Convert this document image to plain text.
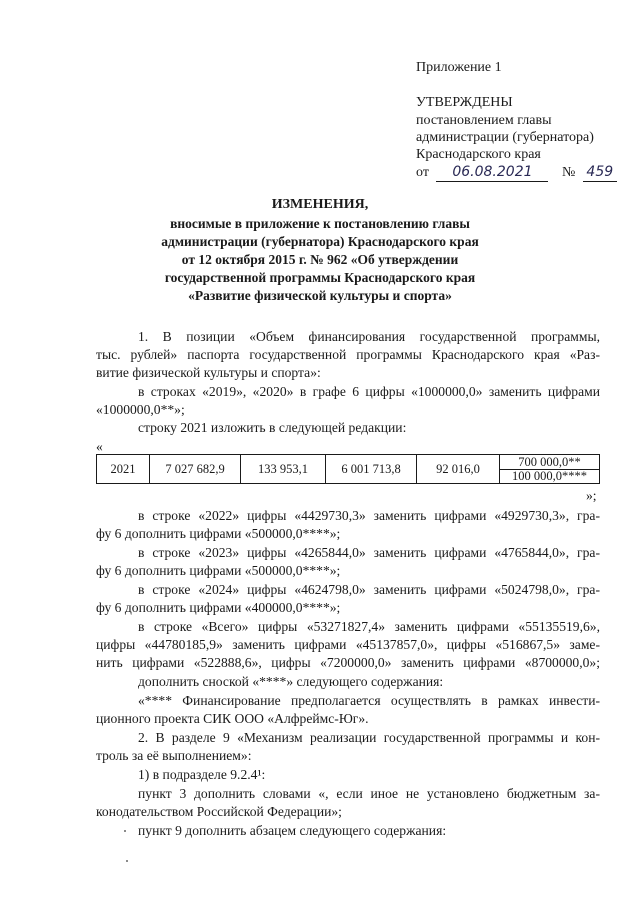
Приложение 1
УТВЕРЖДЕНЫ
постановлением главы
администрации (губернатора)
Краснодарского края
от 06.08.2021 № 459
ИЗМЕНЕНИЯ,
вносимые в приложение к постановлению главы
администрации (губернатора) Краснодарского края
от 12 октября 2015 г. № 962 «Об утверждении
государственной программы Краснодарского края
«Развитие физической культуры и спорта»
1. В позиции «Объем финансирования государственной программы,
тыс. рублей» паспорта государственной программы Краснодарского края «Раз-
витие физической культуры и спорта»:
в строках «2019», «2020» в графе 6 цифры «1000000,0» заменить цифрами
«1000000,0**»;
строку 2021 изложить в следующей редакции:
«
2021	7 027 682,9	133 953,1	6 001 713,8	92 016,0	700 000,0**
100 000,0****
»;
в строке «2022» цифры «4429730,3» заменить цифрами «4929730,3», гра-
фу 6 дополнить цифрами «500000,0****»;
в строке «2023» цифры «4265844,0» заменить цифрами «4765844,0», гра-
фу 6 дополнить цифрами «500000,0****»;
в строке «2024» цифры «4624798,0» заменить цифрами «5024798,0», гра-
фу 6 дополнить цифрами «400000,0****»;
в строке «Всего» цифры «53271827,4» заменить цифрами «55135519,6»,
цифры «44780185,9» заменить цифрами «45137857,0», цифры «516867,5» заме-
нить цифрами «522888,6», цифры «7200000,0» заменить цифрами «8700000,0»;
дополнить сноской «****» следующего содержания:
«**** Финансирование предполагается осуществлять в рамках инвести-
ционного проекта СИК ООО «Алфреймс-Юг».
2. В разделе 9 «Механизм реализации государственной программы и кон-
троль за её выполнением»:
1) в подразделе 9.2.4¹:
пункт 3 дополнить словами «, если иное не установлено бюджетным за-
конодательством Российской Федерации»;
пункт 9 дополнить абзацем следующего содержания:
